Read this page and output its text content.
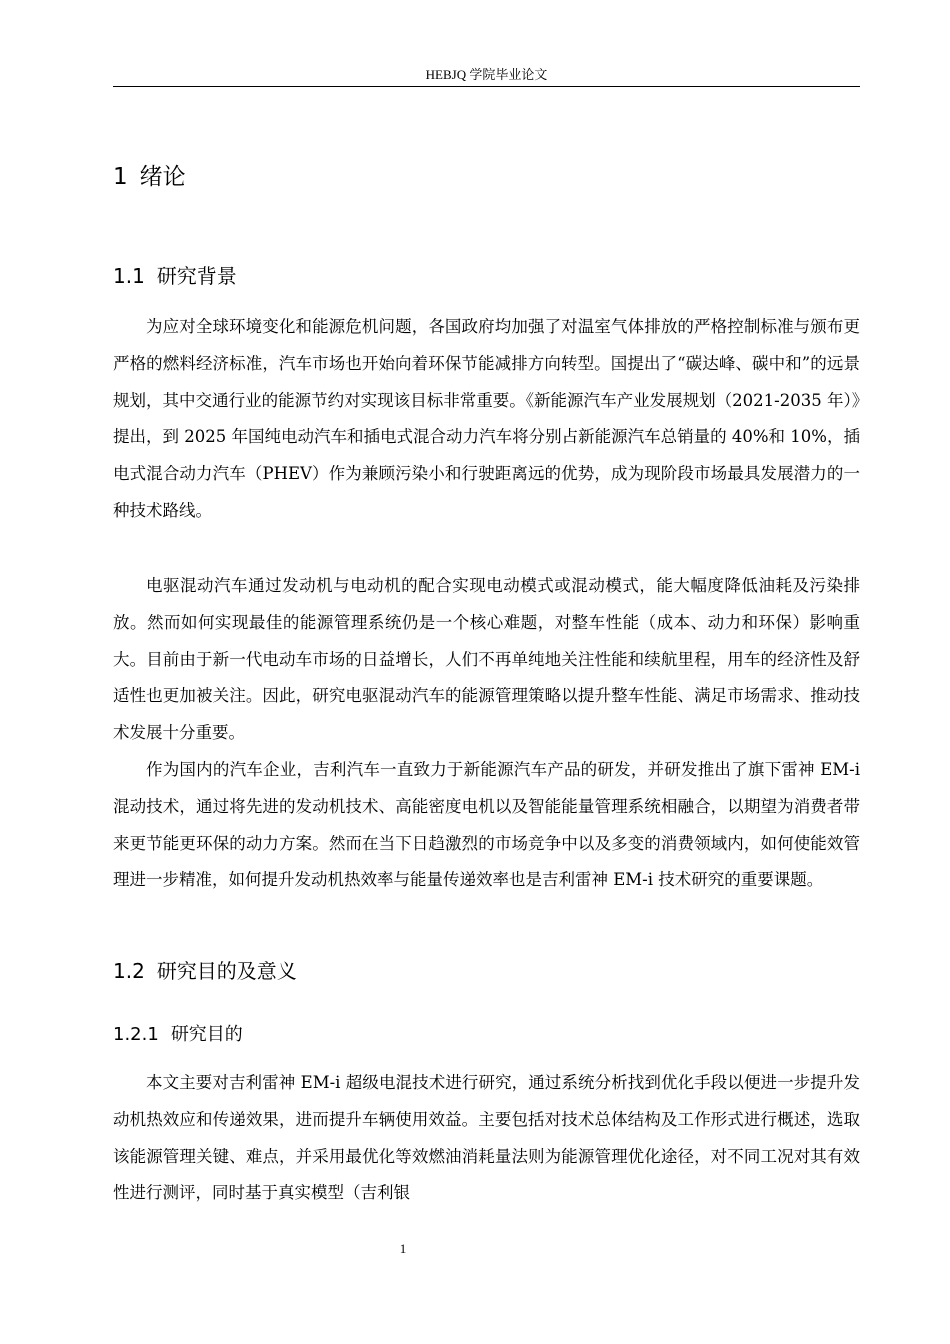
HEBJQ 学院毕业论文
1 绪论
1.1 研究背景

为应对全球环境变化和能源危机问题，各国政府均加强了对温室气体排放的严格控制标准与颁布更严格的燃料经济标准，汽车市场也开始向着环保节能减排方向转型。国提出了“碳达峰、碳中和”的远景规划，其中交通行业的能源节约对实现该目标非常重要。《新能源汽车产业发展规划（2021-2035 年）》提出，到 2025 年国纯电动汽车和插电式混合动力汽车将分别占新能源汽车总销量的 40%和 10%，插电式混合动力汽车（PHEV）作为兼顾污染小和行驶距离远的优势，成为现阶段市场最具发展潜力的一种技术路线。

电驱混动汽车通过发动机与电动机的配合实现电动模式或混动模式，能大幅度降低油耗及污染排放。然而如何实现最佳的能源管理系统仍是一个核心难题，对整车性能（成本、动力和环保）影响重大。目前由于新一代电动车市场的日益增长，人们不再单纯地关注性能和续航里程，用车的经济性及舒适性也更加被关注。因此，研究电驱混动汽车的能源管理策略以提升整车性能、满足市场需求、推动技术发展十分重要。

作为国内的汽车企业，吉利汽车一直致力于新能源汽车产品的研发，并研发推出了旗下雷神 EM-i 混动技术，通过将先进的发动机技术、高能密度电机以及智能能量管理系统相融合，以期望为消费者带来更节能更环保的动力方案。然而在当下日趋激烈的市场竞争中以及多变的消费领域内，如何使能效管理进一步精准，如何提升发动机热效率与能量传递效率也是吉利雷神 EM-i 技术研究的重要课题。

1.2 研究目的及意义
1.2.1 研究目的

本文主要对吉利雷神 EM-i 超级电混技术进行研究，通过系统分析找到优化手段以便进一步提升发动机热效应和传递效果，进而提升车辆使用效益。主要包括对技术总体结构及工作形式进行概述，选取该能源管理关键、难点，并采用最优化等效燃油消耗量法则为能源管理优化途径，对不同工况对其有效性进行测评，同时基于真实模型（吉利银

1
